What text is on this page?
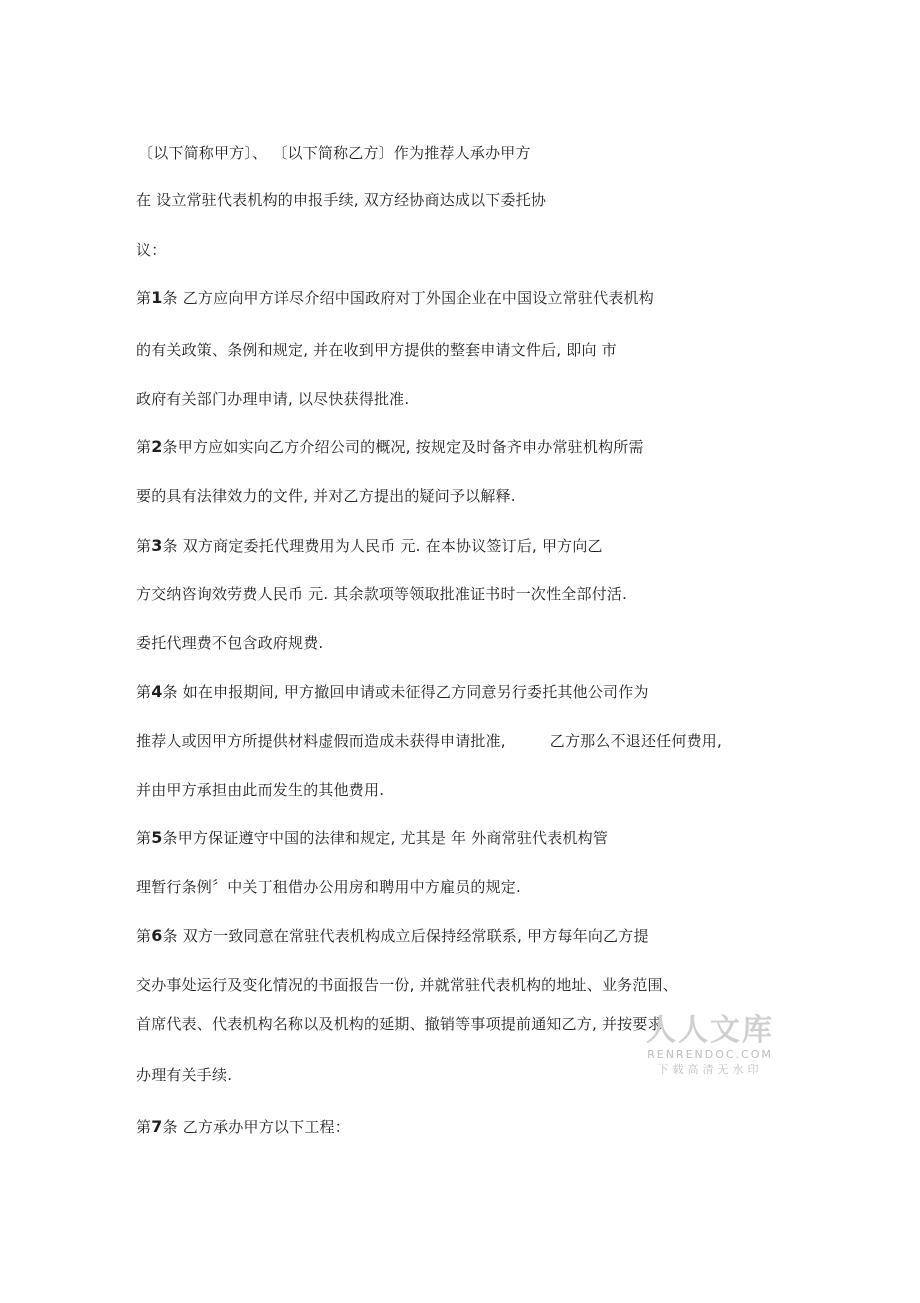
〔以下简称甲方〕、 〔以下简称乙方〕作为推荐人承办甲方
在 设立常驻代表机构的申报手续, 双方经协商达成以下委托协
议：
第1条 乙方应向甲方详尽介绍中国政府对丁外国企业在中国设立常驻代表机构
的有关政策、条例和规定, 并在收到甲方提供的整套申请文件后, 即向 市
政府有关部门办理申请, 以尽快获得批准.
第2条甲方应如实向乙方介绍公司的概况, 按规定及时备齐申办常驻机构所需
要的具有法律效力的文件, 并对乙方提出的疑问予以解释.
第3条 双方商定委托代理费用为人民币 元. 在本协议签订后, 甲方向乙
方交纳咨询效劳费人民币 元. 其余款项等领取批准证书时一次性全部付活.
委托代理费不包含政府规费.
第4条 如在申报期间, 甲方撤回申请或未征得乙方同意另行委托其他公司作为
推荐人或因甲方所提供材料虚假而造成未获得申请批准,	乙方那么不退还任何费用,
并由甲方承担由此而发生的其他费用.
第5条甲方保证遵守中国的法律和规定, 尤其是 年 外商常驻代表机构管
理暂行条例〞中关丁租借办公用房和聘用中方雇员的规定.
第6条 双方一致同意在常驻代表机构成立后保持经常联系, 甲方每年向乙方提
交办事处运行及变化情况的书面报告一份, 并就常驻代表机构的地址、业务范围、
首席代表、代表机构名称以及机构的延期、撤销等事项提前通知乙方, 并按要求
办理有关手续.
第7条 乙方承办甲方以下工程：
人人文库
RENRENDOC.COM
下载高清无水印
